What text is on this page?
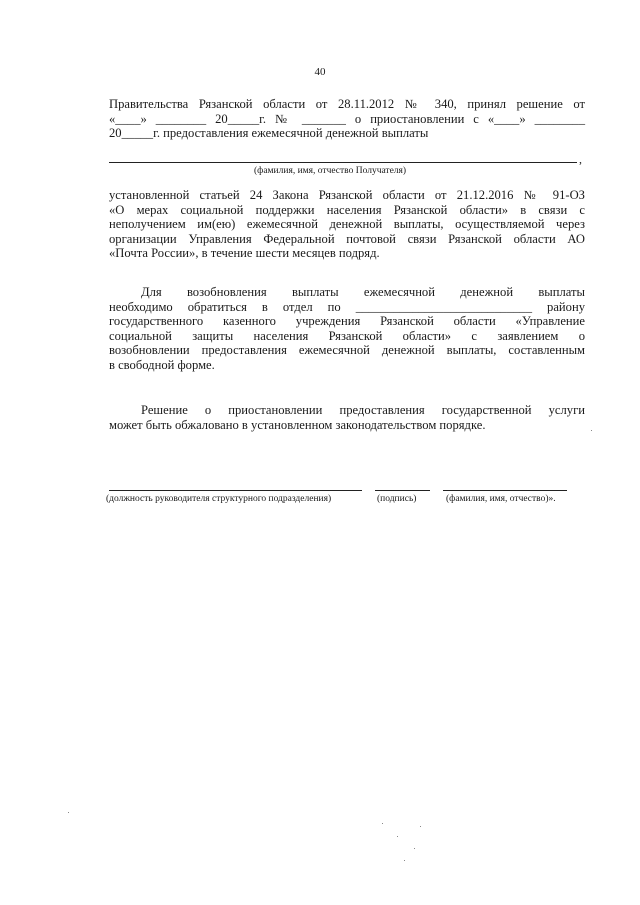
40
Правительства Рязанской области от 28.11.2012 № 340, принял решение от
«____» ________ 20_____г. № _______ о приостановлении с «____» ________
20_____г. предоставления ежемесячной денежной выплаты
,
(фамилия, имя, отчество Получателя)
установленной статьей 24 Закона Рязанской области от 21.12.2016 № 91-ОЗ
«О мерах социальной поддержки населения Рязанской области» в связи с
неполучением им(ею) ежемесячной денежной выплаты, осуществляемой через
организации Управления Федеральной почтовой связи Рязанской области АО
«Почта России», в течение шести месяцев подряд.
Для возобновления выплаты ежемесячной денежной выплаты
необходимо обратиться в отдел по ____________________________ району
государственного казенного учреждения Рязанской области «Управление
социальной защиты населения Рязанской области» с заявлением о
возобновлении предоставления ежемесячной денежной выплаты, составленным
в свободной форме.
Решение о приостановлении предоставления государственной услуги
может быть обжаловано в установленном законодательством порядке.
(должность руководителя структурного подразделения)	(подпись)	(фамилия, имя, отчество)».
